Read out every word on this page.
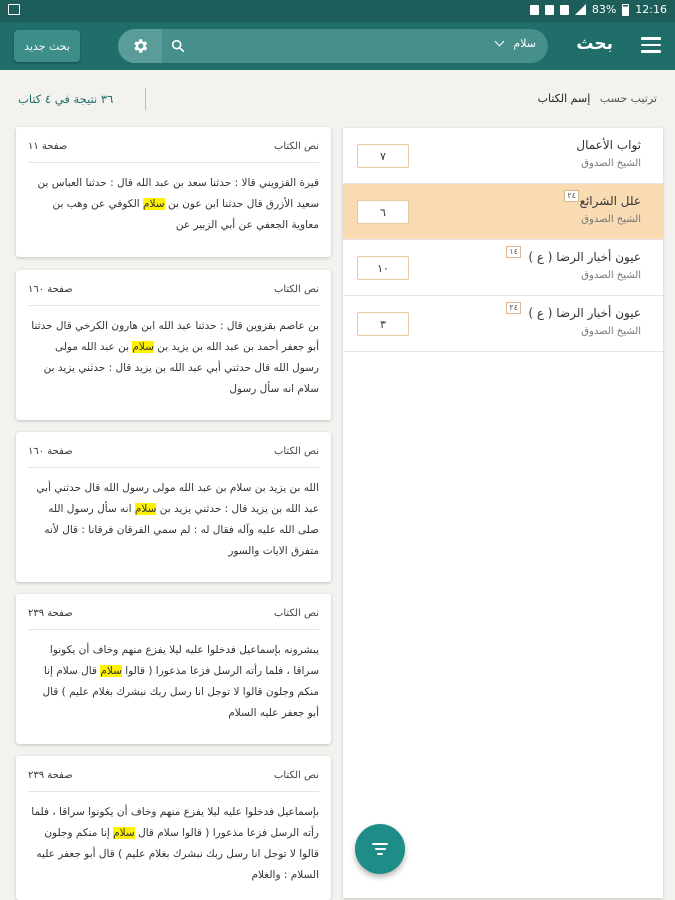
83% 12:16
بحث جديد	سلام بحث
٣٦ نتيجة في ٤ كتاب	ترتيب حسب إسم الكتاب
نص الكتاب
صفحة ١١
قيرة القزويني قالا : حدثنا سعد بن عبد الله قال : حدثنا العباس بن سعيد الأزرق قال حدثنا ابن عون بن سلام الكوفي عن وهب بن معاوية الجعفي عن أبي الزبير عن
نص الكتاب
صفحة ١٦٠
بن عاصم بقزوين قال : حدثنا عبد الله ابن هارون الكرخي قال حدثنا أبو جعفر أحمد بن عبد الله بن يزيد بن سلام بن عبد الله مولى رسول الله قال حدثني أبي عبد الله بن يزيد قال : حدثني يزيد بن سلام انه سأل رسول
نص الكتاب
صفحة ١٦٠
الله بن يزيد بن سلام بن عبد الله مولى رسول الله قال حدثني أبي عبد الله بن يزيد قال : حدثني يزيد بن سلام انه سأل رسول الله صلى الله عليه وآله فقال له : لم سمي الفرقان فرقانا : قال لأنه متفرق الايات والسور
نص الكتاب
صفحة ٢٣٩
يبشرونه بإسماعيل فدخلوا عليه ليلا يفزع منهم وخاف أن يكونوا سراقا ، فلما رأته الرسل فزعا مذعورا ( قالوا سلام قال سلام إنا منكم وجلون قالوا لا توجل انا رسل ربك نبشرك بغلام عليم ) قال أبو جعفر عليه السلام
نص الكتاب
صفحة ٢٣٩
بإسماعيل فدخلوا عليه ليلا يفزع منهم وخاف أن يكونوا سراقا ، فلما رأته الرسل فزعا مذعورا ( قالوا سلام قال سلام إنا منكم وجلون قالوا لا توجل انا رسل ربك نبشرك بغلام عليم ) قال أبو جعفر عليه السلام : والغلام
ثواب الأعمال
الشيخ الصدوق
٧
علل الشرائع
٢٤
الشيخ الصدوق
٦
عيون أخبار الرضا ( ع )
١٤
الشيخ الصدوق
١٠
عيون أخبار الرضا ( ع )
٢٤
الشيخ الصدوق
٣
